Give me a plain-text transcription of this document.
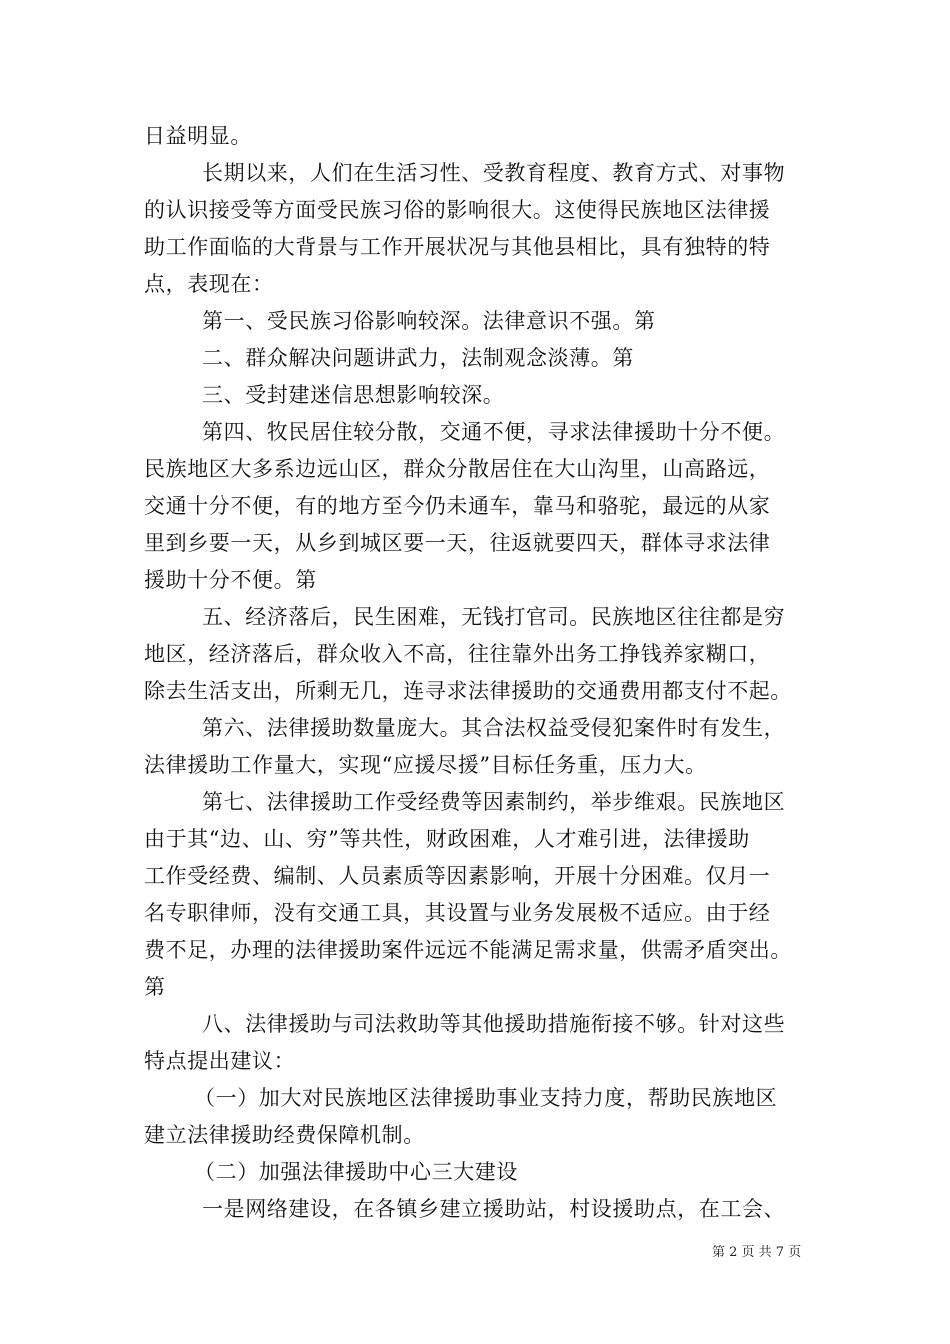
日益明显。
长期以来，人们在生活习性、受教育程度、教育方式、对事物
的认识接受等方面受民族习俗的影响很大。这使得民族地区法律援
助工作面临的大背景与工作开展状况与其他县相比，具有独特的特
点，表现在：
第一、受民族习俗影响较深。法律意识不强。第
二、群众解决问题讲武力，法制观念淡薄。第
三、受封建迷信思想影响较深。
第四、牧民居住较分散，交通不便，寻求法律援助十分不便。
民族地区大多系边远山区，群众分散居住在大山沟里，山高路远，
交通十分不便，有的地方至今仍未通车，靠马和骆驼，最远的从家
里到乡要一天，从乡到城区要一天，往返就要四天，群体寻求法律
援助十分不便。第
五、经济落后，民生困难，无钱打官司。民族地区往往都是穷
地区，经济落后，群众收入不高，往往靠外出务工挣钱养家糊口，
除去生活支出，所剩无几，连寻求法律援助的交通费用都支付不起。
第六、法律援助数量庞大。其合法权益受侵犯案件时有发生，
法律援助工作量大，实现“应援尽援”目标任务重，压力大。
第七、法律援助工作受经费等因素制约，举步维艰。民族地区
由于其“边、山、穷”等共性，财政困难，人才难引进，法律援助
工作受经费、编制、人员素质等因素影响，开展十分困难。仅月一
名专职律师，没有交通工具，其设置与业务发展极不适应。由于经
费不足，办理的法律援助案件远远不能满足需求量，供需矛盾突出。
第
八、法律援助与司法救助等其他援助措施衔接不够。针对这些
特点提出建议：
（一）加大对民族地区法律援助事业支持力度，帮助民族地区
建立法律援助经费保障机制。
（二）加强法律援助中心三大建设
一是网络建设，在各镇乡建立援助站，村设援助点，在工会、
第 2 页 共 7 页
